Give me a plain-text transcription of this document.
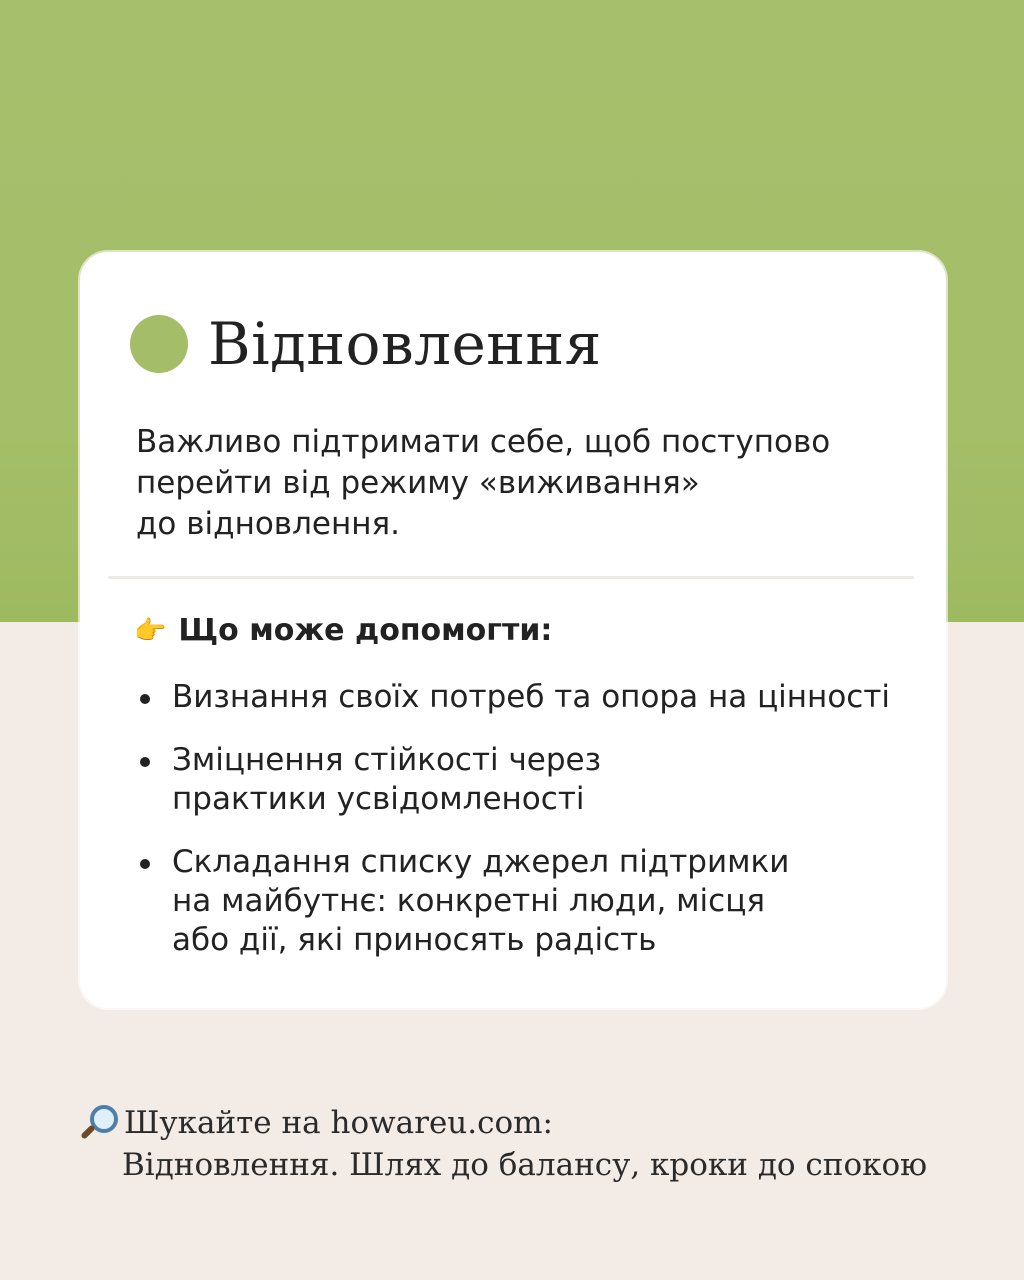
Відновлення
Важливо підтримати себе, щоб поступово
перейти від режиму «виживання»
до відновлення.
👉 Що може допомогти:
Визнання своїх потреб та опора на цінності
Зміцнення стійкості через
практики усвідомленості
Складання списку джерел підтримки
на майбутнє: конкретні люди, місця
або дії, які приносять радість
Шукайте на howareu.com:
Відновлення. Шлях до балансу, кроки до спокою
